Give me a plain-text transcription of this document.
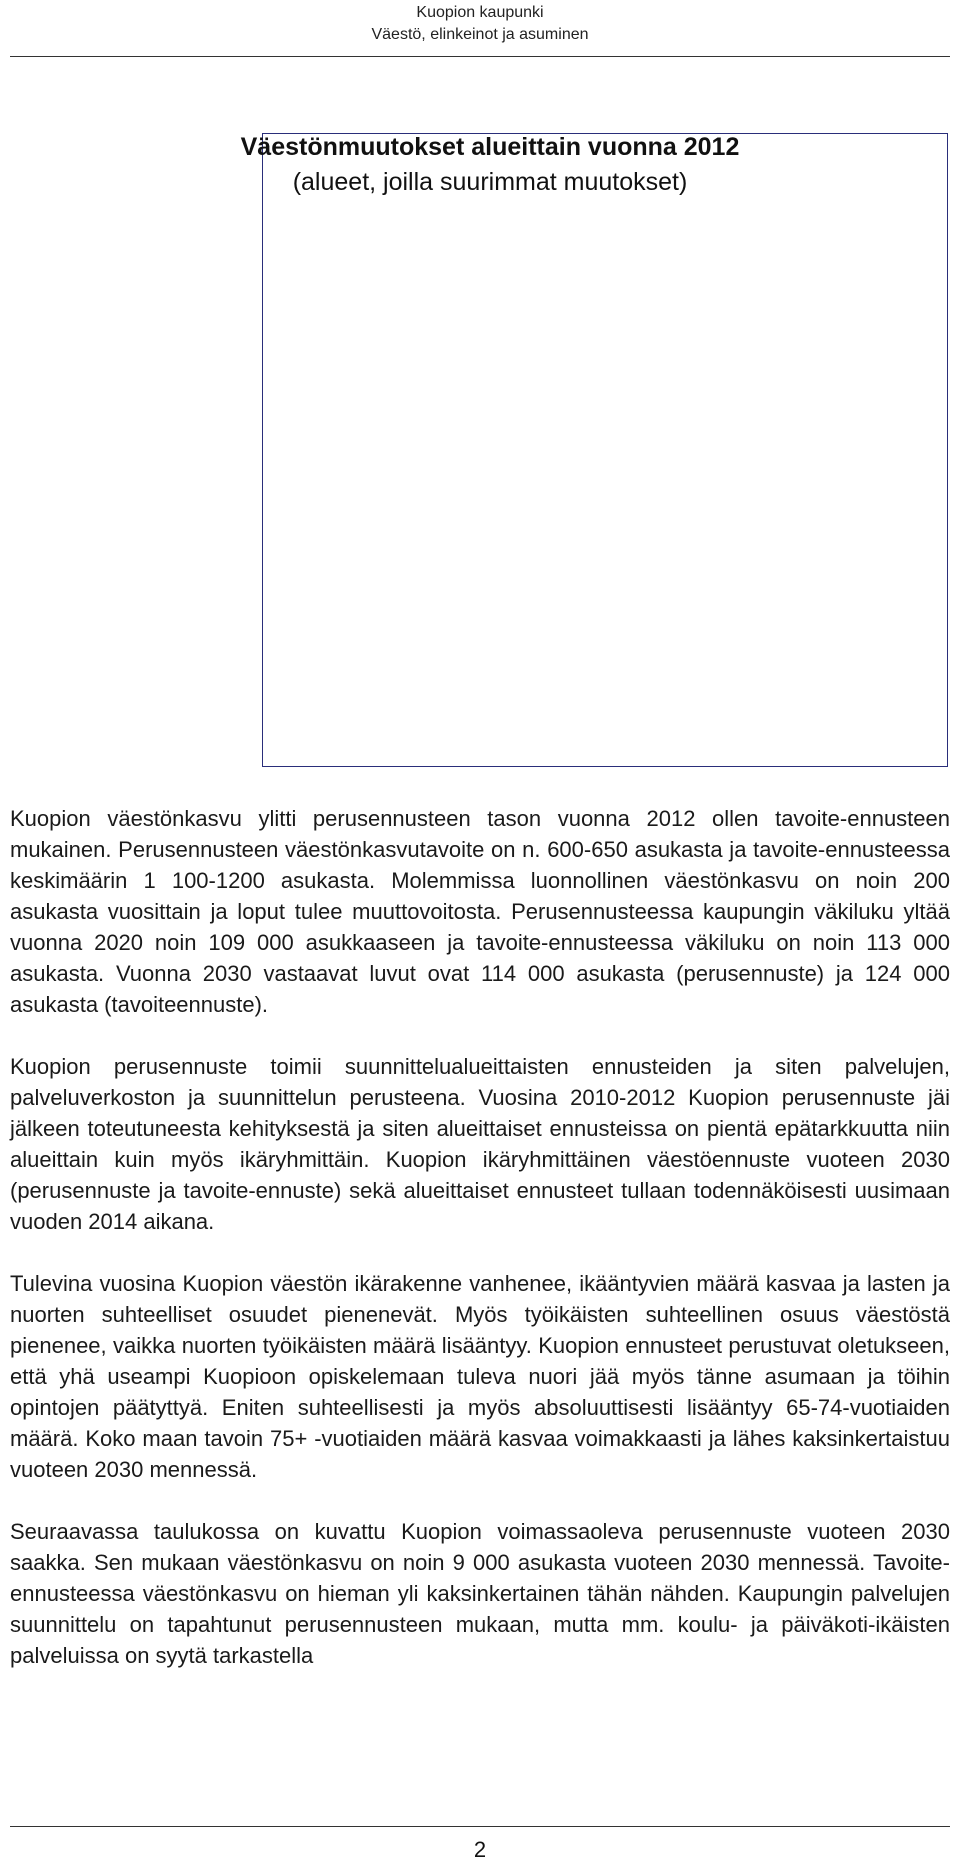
Kuopion kaupunki
Väestö, elinkeinot ja asuminen
Väestönmuutokset alueittain vuonna 2012
(alueet, joilla suurimmat muutokset)

Kuopion väestönkasvu ylitti perusennusteen tason vuonna 2012 ollen tavoite-ennusteen mukainen. Perusennusteen väestönkasvutavoite on n. 600-650 asukasta ja tavoite-ennusteessa keskimäärin 1 100-1200 asukasta. Molemmissa luonnollinen väestönkasvu on noin 200 asukasta vuosittain ja loput tulee muuttovoitosta. Perusennusteessa kaupungin väkiluku yltää vuonna 2020 noin 109 000 asukkaaseen ja tavoite-ennusteessa väkiluku on noin 113 000 asukasta. Vuonna 2030 vastaavat luvut ovat 114 000 asukasta (perusennuste) ja 124 000 asukasta (tavoiteennuste).

Kuopion perusennuste toimii suunnittelualueittaisten ennusteiden ja siten palvelujen, palveluverkoston ja suunnittelun perusteena. Vuosina 2010-2012 Kuopion perusennuste jäi jälkeen toteutuneesta kehityksestä ja siten alueittaiset ennusteissa on pientä epätarkkuutta niin alueittain kuin myös ikäryhmittäin. Kuopion ikäryhmittäinen väestöennuste vuoteen 2030 (perusennuste ja tavoite-ennuste) sekä alueittaiset ennusteet tullaan todennäköisesti uusimaan vuoden 2014 aikana.

Tulevina vuosina Kuopion väestön ikärakenne vanhenee, ikääntyvien määrä kasvaa ja lasten ja nuorten suhteelliset osuudet pienenevät. Myös työikäisten suhteellinen osuus väestöstä pienenee, vaikka nuorten työikäisten määrä lisääntyy. Kuopion ennusteet perustuvat oletukseen, että yhä useampi Kuopioon opiskelemaan tuleva nuori jää myös tänne asumaan ja töihin opintojen päätyttyä. Eniten suhteellisesti ja myös absoluuttisesti lisääntyy 65-74-vuotiaiden määrä. Koko maan tavoin 75+ -vuotiaiden määrä kasvaa voimakkaasti ja lähes kaksinkertaistuu vuoteen 2030 mennessä.

Seuraavassa taulukossa on kuvattu Kuopion voimassaoleva perusennuste vuoteen 2030 saakka. Sen mukaan väestönkasvu on noin 9 000 asukasta vuoteen 2030 mennessä. Tavoite-ennusteessa väestönkasvu on hieman yli kaksinkertainen tähän nähden. Kaupungin palvelujen suunnittelu on tapahtunut perusennusteen mukaan, mutta mm. koulu- ja päiväkoti-ikäisten palveluissa on syytä tarkastella

2
